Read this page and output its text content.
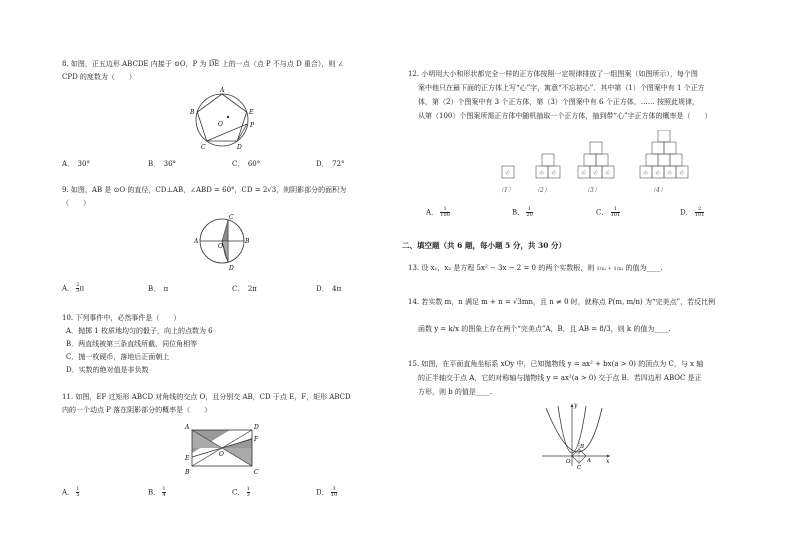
8. 如图，正五边形 ABCDE 内接于 ⊙O，P 为 D͡E 上的一点（点 P 不与点 D 重合），则 ∠
CPD 的度数为（　　）
A
B	E
P
O
C	D
A．　30°	B．　36°	C．　60°	D．　72°
9. 如图，AB 是 ⊙O 的直径，CD⊥AB，∠ABD = 60°，CD = 2√3，则阴影部分的面积为
（　　）
C
A
O
B
D
A． $\frac{2}{3}$ π	B．　π	C．　2π	D．　4π
10. 下列事件中，必然事件是（　　）
A．抛掷 1 枚质地均匀的骰子，向上的点数为 6
B．两直线被第三条直线所截，同位角相等
C．抛一枚硬币，落地后正面朝上
D．实数的绝对值是非负数
11. 如图，EF 过矩形 ABCD 对角线的交点 O，且分别交 AB，CD 于点 E，F，矩形 ABCD
内的一个动点 P 落在阴影部分的概率是（　　）
A	D
F
O
E
B	C
A． $\frac{1}{5}$	B． $\frac{1}{4}$	C． $\frac{1}{3}$	D． $\frac{3}{10}$
12. 小明用大小和形状都完全一样的正方体按照一定规律排放了一组图案（如图所示），每个图
案中他只在最下面的正方体上写“心”字，寓意“不忘初心”．其中第（1）个图案中有 1 个正方
体，第（2）个图案中有 3 个正方体，第（3）个图案中有 6 个正方体，…… 按照此规律，
从第（100）个图案所需正方体中随机抽取一个正方体，抽到带“心”字正方体的概率是（　　）
心	心 心	心 心 心	心 心 心 心
（1）	（2）	（3）	（4）
A． $\frac{1}{100}$	B． $\frac{1}{20}$	C． $\frac{1}{101}$	D． $\frac{2}{101}$
二、填空题（共 6 题，每小题 5 分，共 30 分）
13. 设 x₁，x₂ 是方程 5x² − 3x − 2 = 0 的两个实数根，则 1/x₁ + 1/x₂ 的值为____.
14. 若实数 m，n 满足 m + n = √3mn，且 n ≠ 0 时，就称点 P(m, m/n) 为“完美点”，若反比例
函数 y = k/x 的图象上存在两个“完美点”A，B，且 AB = 8/3，则 k 的值为____.
15. 如图，在平面直角坐标系 xOy 中，已知抛物线 y = ax² + bx(a > 0) 的顶点为 C，与 x 轴
的正半轴交于点 A，它的对称轴与抛物线 y = ax²(a > 0) 交于点 B．若四边形 ABOC 是正
方形，则 b 的值是____.
y
B
O	A	x
C
